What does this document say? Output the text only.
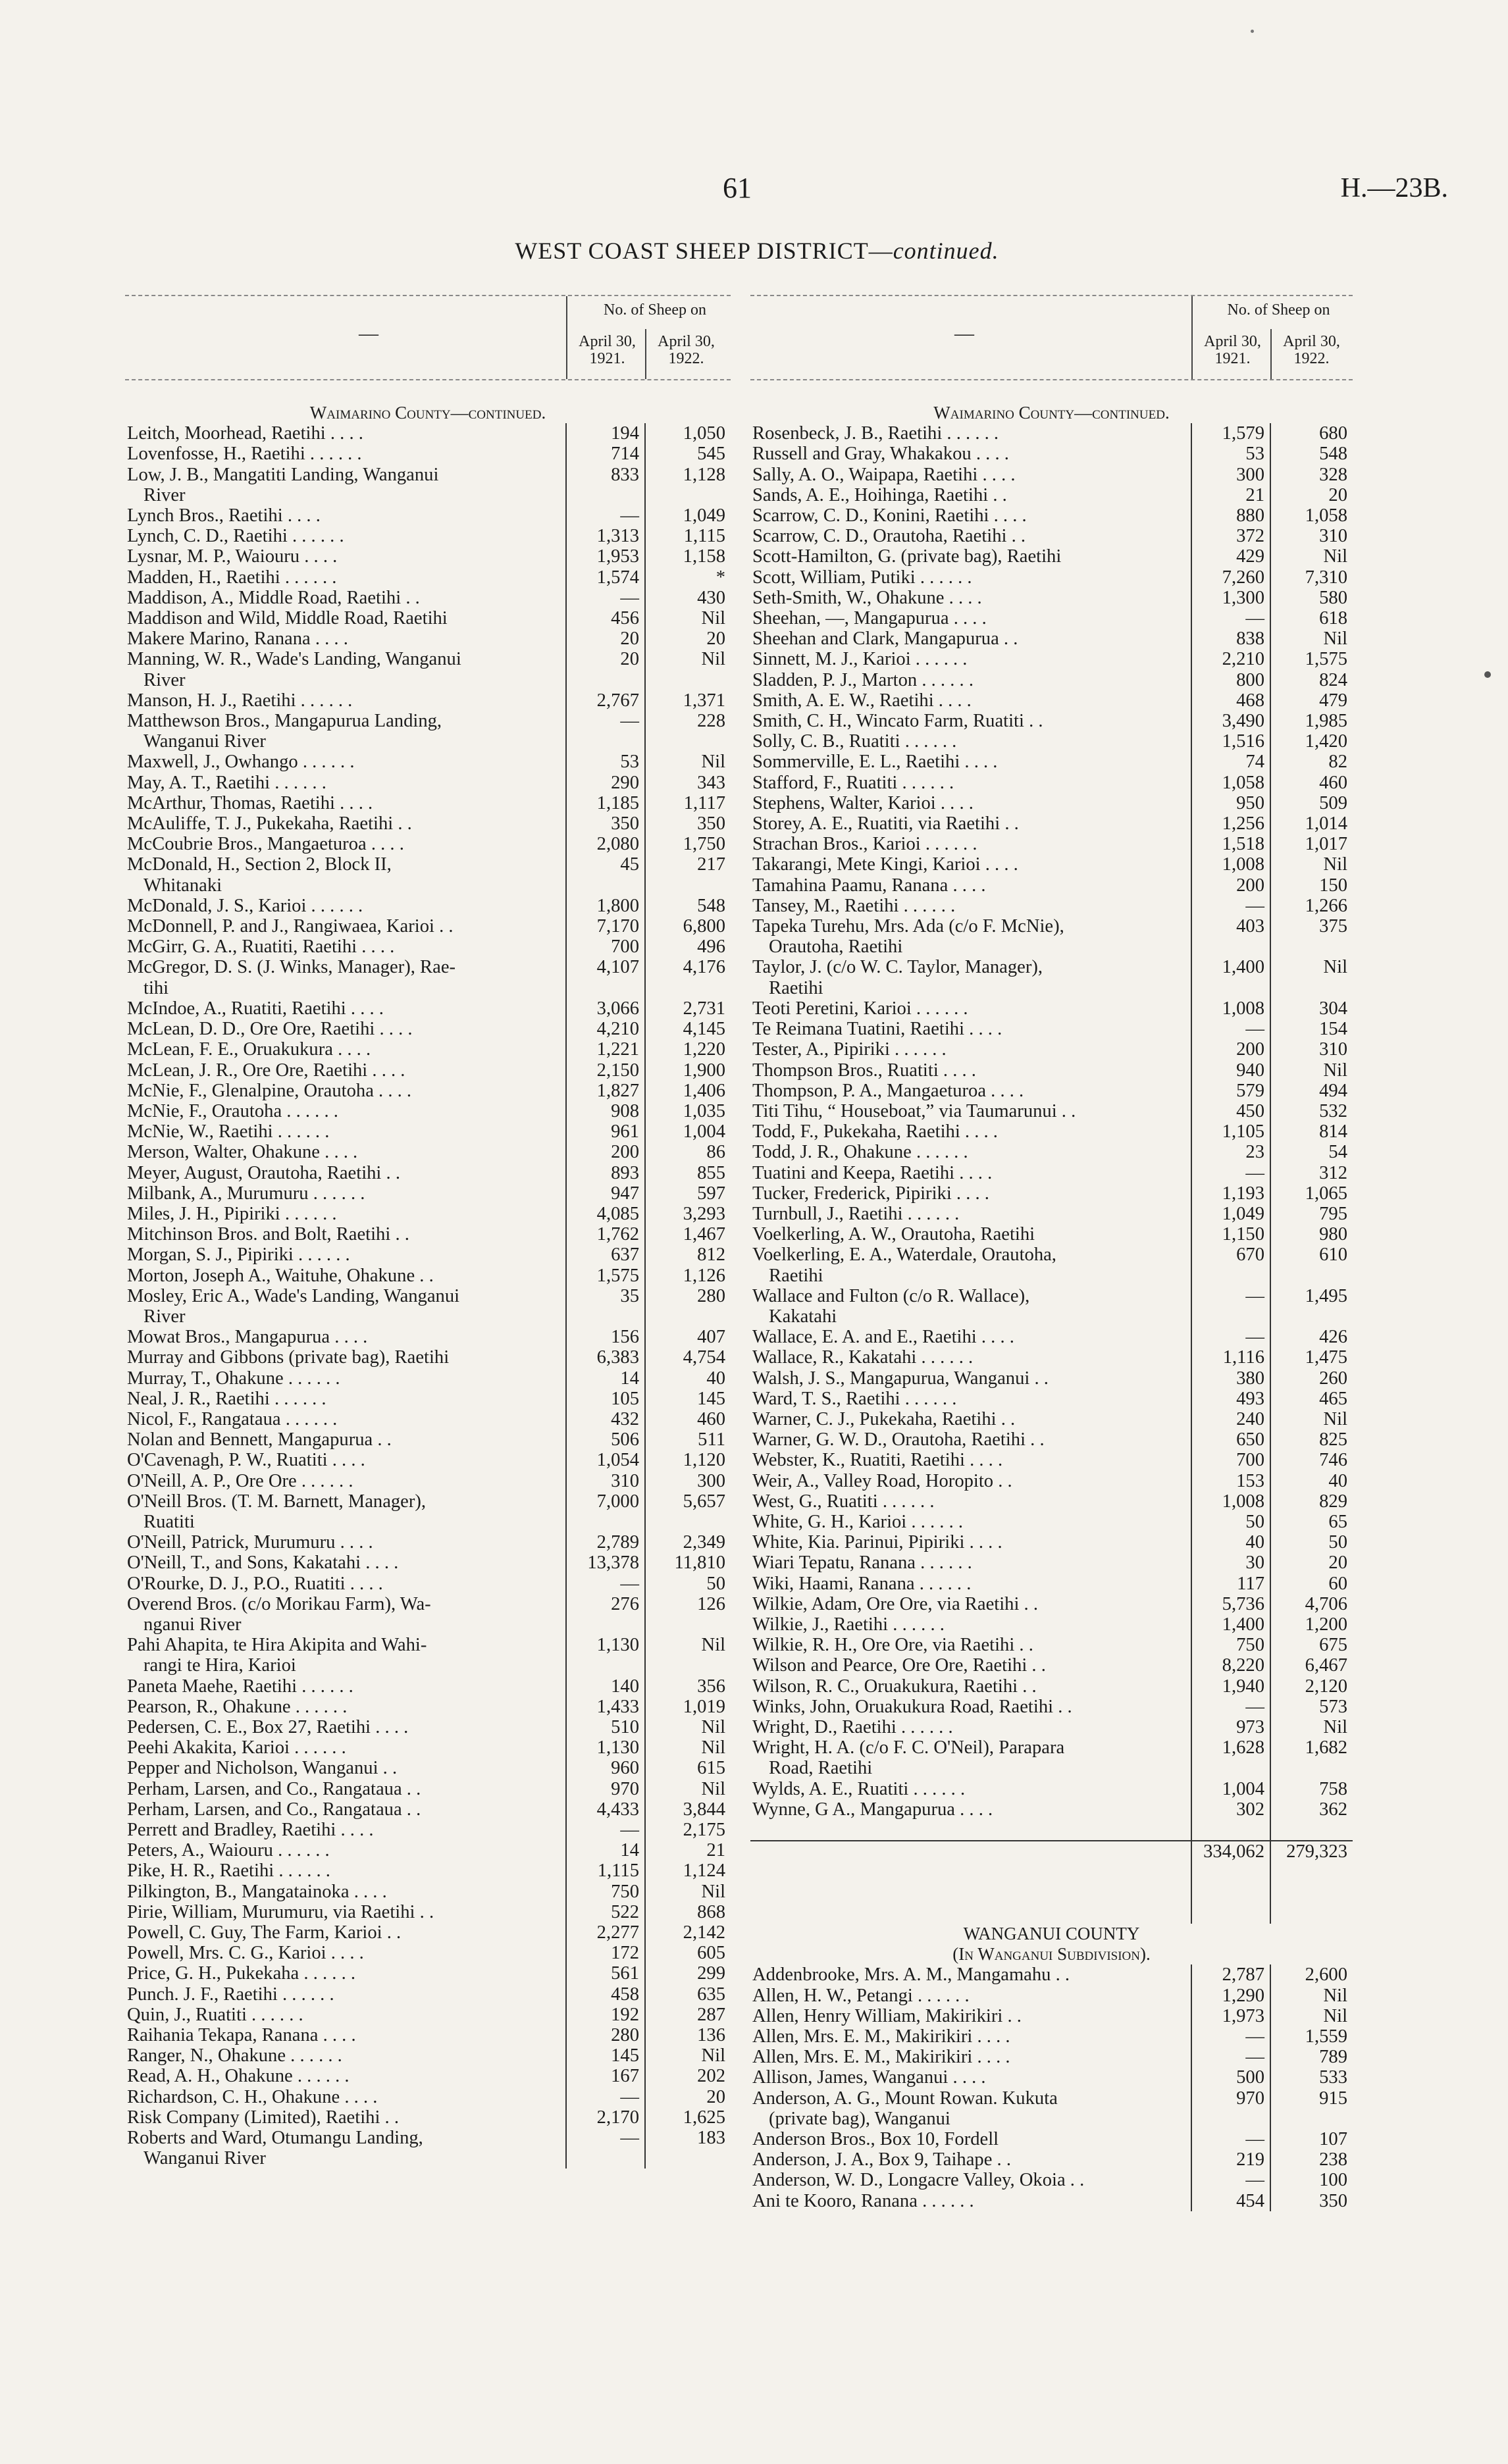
61	H.—23B.
WEST COAST SHEEP DISTRICT—continued.
—
No. of Sheep on
April 30, 1921.
April 30, 1922.
—
No. of Sheep on
April 30, 1921.
April 30, 1922.
Waimarino County—continued.		
Leitch, Moorhead, Raetihi . . . .	194	1,050
Lovenfosse, H., Raetihi . . . . . .	714	545
Low, J. B., Mangatiti Landing, Wanganui	833	1,128
River		
Lynch Bros., Raetihi . . . .	—	1,049
Lynch, C. D., Raetihi . . . . . .	1,313	1,115
Lysnar, M. P., Waiouru . . . .	1,953	1,158
Madden, H., Raetihi . . . . . .	1,574	*
Maddison, A., Middle Road, Raetihi . .	—	430
Maddison and Wild, Middle Road, Raetihi	456	Nil
Makere Marino, Ranana . . . .	20	20
Manning, W. R., Wade's Landing, Wanganui	20	Nil
River		
Manson, H. J., Raetihi . . . . . .	2,767	1,371
Matthewson Bros., Mangapurua Landing,	—	228
Wanganui River		
Maxwell, J., Owhango . . . . . .	53	Nil
May, A. T., Raetihi . . . . . .	290	343
McArthur, Thomas, Raetihi . . . .	1,185	1,117
McAuliffe, T. J., Pukekaha, Raetihi . .	350	350
McCoubrie Bros., Mangaeturoa . . . .	2,080	1,750
McDonald, H., Section 2, Block II,	45	217
Whitanaki		
McDonald, J. S., Karioi . . . . . .	1,800	548
McDonnell, P. and J., Rangiwaea, Karioi . .	7,170	6,800
McGirr, G. A., Ruatiti, Raetihi . . . .	700	496
McGregor, D. S. (J. Winks, Manager), Rae-	4,107	4,176
tihi		
McIndoe, A., Ruatiti, Raetihi . . . .	3,066	2,731
McLean, D. D., Ore Ore, Raetihi . . . .	4,210	4,145
McLean, F. E., Oruakukura . . . .	1,221	1,220
McLean, J. R., Ore Ore, Raetihi . . . .	2,150	1,900
McNie, F., Glenalpine, Orautoha . . . .	1,827	1,406
McNie, F., Orautoha . . . . . .	908	1,035
McNie, W., Raetihi . . . . . .	961	1,004
Merson, Walter, Ohakune . . . .	200	86
Meyer, August, Orautoha, Raetihi . .	893	855
Milbank, A., Murumuru . . . . . .	947	597
Miles, J. H., Pipiriki . . . . . .	4,085	3,293
Mitchinson Bros. and Bolt, Raetihi . .	1,762	1,467
Morgan, S. J., Pipiriki . . . . . .	637	812
Morton, Joseph A., Waituhe, Ohakune . .	1,575	1,126
Mosley, Eric A., Wade's Landing, Wanganui	35	280
River		
Mowat Bros., Mangapurua . . . .	156	407
Murray and Gibbons (private bag), Raetihi	6,383	4,754
Murray, T., Ohakune . . . . . .	14	40
Neal, J. R., Raetihi . . . . . .	105	145
Nicol, F., Rangataua . . . . . .	432	460
Nolan and Bennett, Mangapurua . .	506	511
O'Cavenagh, P. W., Ruatiti . . . .	1,054	1,120
O'Neill, A. P., Ore Ore . . . . . .	310	300
O'Neill Bros. (T. M. Barnett, Manager),	7,000	5,657
Ruatiti		
O'Neill, Patrick, Murumuru . . . .	2,789	2,349
O'Neill, T., and Sons, Kakatahi . . . .	13,378	11,810
O'Rourke, D. J., P.O., Ruatiti . . . .	—	50
Overend Bros. (c/o Morikau Farm), Wa-	276	126
nganui River		
Pahi Ahapita, te Hira Akipita and Wahi-	1,130	Nil
rangi te Hira, Karioi		
Paneta Maehe, Raetihi . . . . . .	140	356
Pearson, R., Ohakune . . . . . .	1,433	1,019
Pedersen, C. E., Box 27, Raetihi . . . .	510	Nil
Peehi Akakita, Karioi . . . . . .	1,130	Nil
Pepper and Nicholson, Wanganui . .	960	615
Perham, Larsen, and Co., Rangataua . .	970	Nil
Perham, Larsen, and Co., Rangataua . .	4,433	3,844
Perrett and Bradley, Raetihi . . . .	—	2,175
Peters, A., Waiouru . . . . . .	14	21
Pike, H. R., Raetihi . . . . . .	1,115	1,124
Pilkington, B., Mangatainoka . . . .	750	Nil
Pirie, William, Murumuru, via Raetihi . .	522	868
Powell, C. Guy, The Farm, Karioi . .	2,277	2,142
Powell, Mrs. C. G., Karioi . . . .	172	605
Price, G. H., Pukekaha . . . . . .	561	299
Punch. J. F., Raetihi . . . . . .	458	635
Quin, J., Ruatiti . . . . . .	192	287
Raihania Tekapa, Ranana . . . .	280	136
Ranger, N., Ohakune . . . . . .	145	Nil
Read, A. H., Ohakune . . . . . .	167	202
Richardson, C. H., Ohakune . . . .	—	20
Risk Company (Limited), Raetihi . .	2,170	1,625
Roberts and Ward, Otumangu Landing,	—	183
Wanganui River		
Waimarino County—continued.		
Rosenbeck, J. B., Raetihi . . . . . .	1,579	680
Russell and Gray, Whakakou . . . .	53	548
Sally, A. O., Waipapa, Raetihi . . . .	300	328
Sands, A. E., Hoihinga, Raetihi . .	21	20
Scarrow, C. D., Konini, Raetihi . . . .	880	1,058
Scarrow, C. D., Orautoha, Raetihi . .	372	310
Scott-Hamilton, G. (private bag), Raetihi	429	Nil
Scott, William, Putiki . . . . . .	7,260	7,310
Seth-Smith, W., Ohakune . . . .	1,300	580
Sheehan, —, Mangapurua . . . .	—	618
Sheehan and Clark, Mangapurua . .	838	Nil
Sinnett, M. J., Karioi . . . . . .	2,210	1,575
Sladden, P. J., Marton . . . . . .	800	824
Smith, A. E. W., Raetihi . . . .	468	479
Smith, C. H., Wincato Farm, Ruatiti . .	3,490	1,985
Solly, C. B., Ruatiti . . . . . .	1,516	1,420
Sommerville, E. L., Raetihi . . . .	74	82
Stafford, F., Ruatiti . . . . . .	1,058	460
Stephens, Walter, Karioi . . . .	950	509
Storey, A. E., Ruatiti, via Raetihi . .	1,256	1,014
Strachan Bros., Karioi . . . . . .	1,518	1,017
Takarangi, Mete Kingi, Karioi . . . .	1,008	Nil
Tamahina Paamu, Ranana . . . .	200	150
Tansey, M., Raetihi . . . . . .	—	1,266
Tapeka Turehu, Mrs. Ada (c/o F. McNie),	403	375
Orautoha, Raetihi		
Taylor, J. (c/o W. C. Taylor, Manager),	1,400	Nil
Raetihi		
Teoti Peretini, Karioi . . . . . .	1,008	304
Te Reimana Tuatini, Raetihi . . . .	—	154
Tester, A., Pipiriki . . . . . .	200	310
Thompson Bros., Ruatiti . . . .	940	Nil
Thompson, P. A., Mangaeturoa . . . .	579	494
Titi Tihu, “ Houseboat,” via Taumarunui . .	450	532
Todd, F., Pukekaha, Raetihi . . . .	1,105	814
Todd, J. R., Ohakune . . . . . .	23	54
Tuatini and Keepa, Raetihi . . . .	—	312
Tucker, Frederick, Pipiriki . . . .	1,193	1,065
Turnbull, J., Raetihi . . . . . .	1,049	795
Voelkerling, A. W., Orautoha, Raetihi	1,150	980
Voelkerling, E. A., Waterdale, Orautoha,	670	610
Raetihi		
Wallace and Fulton (c/o R. Wallace),	—	1,495
Kakatahi		
Wallace, E. A. and E., Raetihi . . . .	—	426
Wallace, R., Kakatahi . . . . . .	1,116	1,475
Walsh, J. S., Mangapurua, Wanganui . .	380	260
Ward, T. S., Raetihi . . . . . .	493	465
Warner, C. J., Pukekaha, Raetihi . .	240	Nil
Warner, G. W. D., Orautoha, Raetihi . .	650	825
Webster, K., Ruatiti, Raetihi . . . .	700	746
Weir, A., Valley Road, Horopito . .	153	40
West, G., Ruatiti . . . . . .	1,008	829
White, G. H., Karioi . . . . . .	50	65
White, Kia. Parinui, Pipiriki . . . .	40	50
Wiari Tepatu, Ranana . . . . . .	30	20
Wiki, Haami, Ranana . . . . . .	117	60
Wilkie, Adam, Ore Ore, via Raetihi . .	5,736	4,706
Wilkie, J., Raetihi . . . . . .	1,400	1,200
Wilkie, R. H., Ore Ore, via Raetihi . .	750	675
Wilson and Pearce, Ore Ore, Raetihi . .	8,220	6,467
Wilson, R. C., Oruakukura, Raetihi . .	1,940	2,120
Winks, John, Oruakukura Road, Raetihi . .	—	573
Wright, D., Raetihi . . . . . .	973	Nil
Wright, H. A. (c/o F. C. O'Neil), Parapara	1,628	1,682
Road, Raetihi		
Wylds, A. E., Ruatiti . . . . . .	1,004	758
Wynne, G A., Mangapurua . . . .	302	362

	334,062	279,323

WANGANUI COUNTY		
(In Wanganui Subdivision).		
Addenbrooke, Mrs. A. M., Mangamahu . .	2,787	2,600
Allen, H. W., Petangi . . . . . .	1,290	Nil
Allen, Henry William, Makirikiri . .	1,973	Nil
Allen, Mrs. E. M., Makirikiri . . . .	—	1,559
Allen, Mrs. E. M., Makirikiri . . . .	—	789
Allison, James, Wanganui . . . .	500	533
Anderson, A. G., Mount Rowan. Kukuta	970	915
(private bag), Wanganui		
Anderson Bros., Box 10, Fordell	—	107
Anderson, J. A., Box 9, Taihape . .	219	238
Anderson, W. D., Longacre Valley, Okoia . .	—	100
Ani te Kooro, Ranana . . . . . .	454	350
